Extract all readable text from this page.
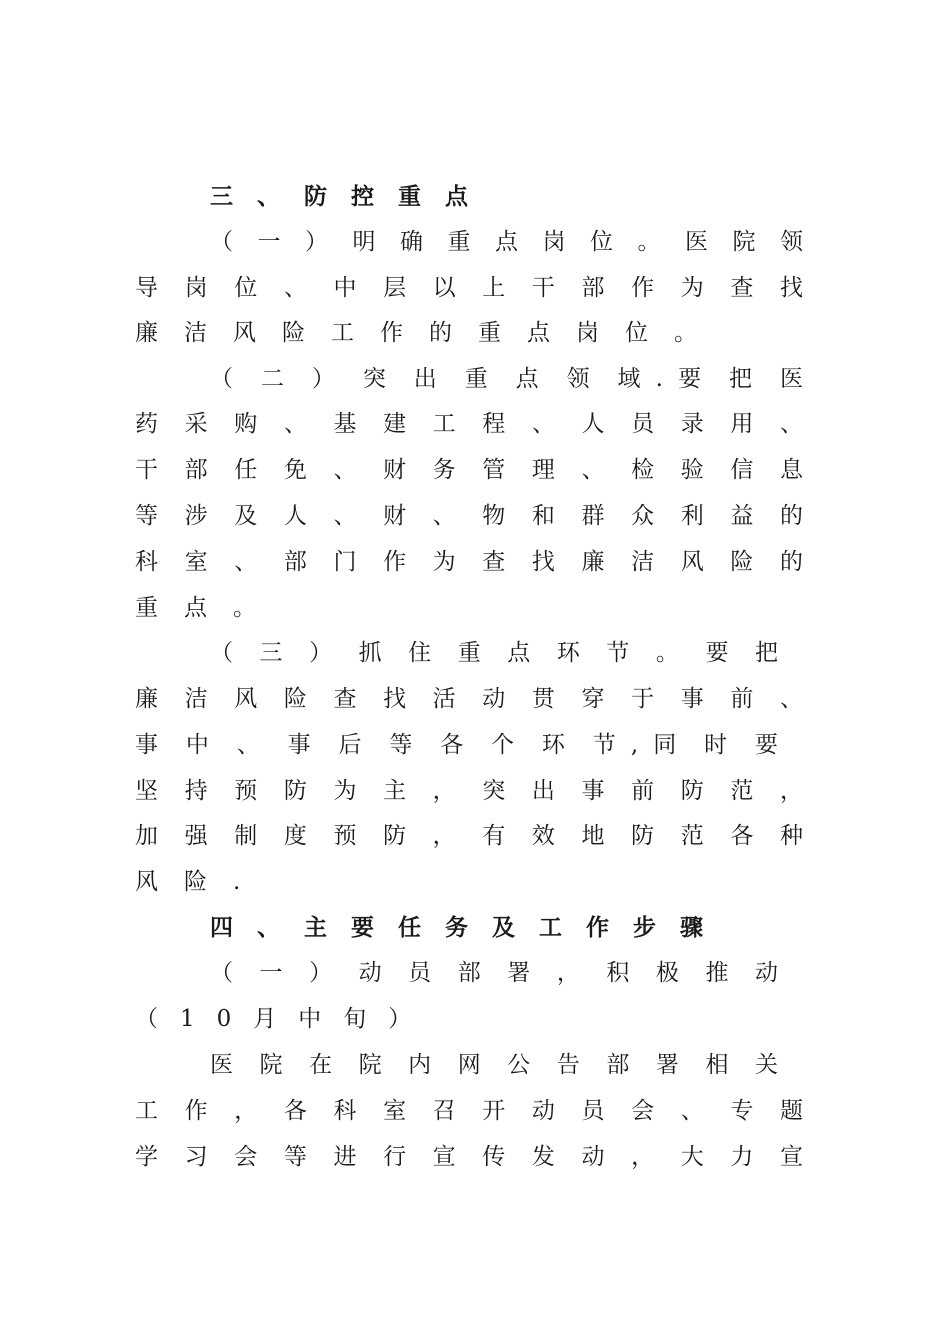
三、防控重点
（ 一 ） 明 确 重 点 岗 位 。 医 院 领
导 岗 位 、 中 层 以 上 干 部 作 为 查 找
廉洁风险工作的重点岗位。
（ 二 ） 突 出 重 点 领 域 . 要 把 医
药 采 购 、 基 建 工 程 、 人 员 录 用 、
干 部 任 免 、 财 务 管 理 、 检 验 信 息
等 涉 及 人 、 财 、 物 和 群 众 利 益 的
科 室 、 部 门 作 为 查 找 廉 洁 风 险 的
重点。
（ 三 ） 抓 住 重 点 环 节 。 要 把
廉 洁 风 险 查 找 活 动 贯 穿 于 事 前 、
事 中 、 事 后 等 各 个 环 节 , 同 时 要
坚 持 预 防 为 主 ， 突 出 事 前 防 范 ，
加 强 制 度 预 防 ， 有 效 地 防 范 各 种
风险.
四、主要任务及工作步骤
（ 一 ） 动 员 部 署 ， 积 极 推 动
（10月中旬）
医 院 在 院 内 网 公 告 部 署 相 关
工 作 ， 各 科 室 召 开 动 员 会 、 专 题
学 习 会 等 进 行 宣 传 发 动 ， 大 力 宣
